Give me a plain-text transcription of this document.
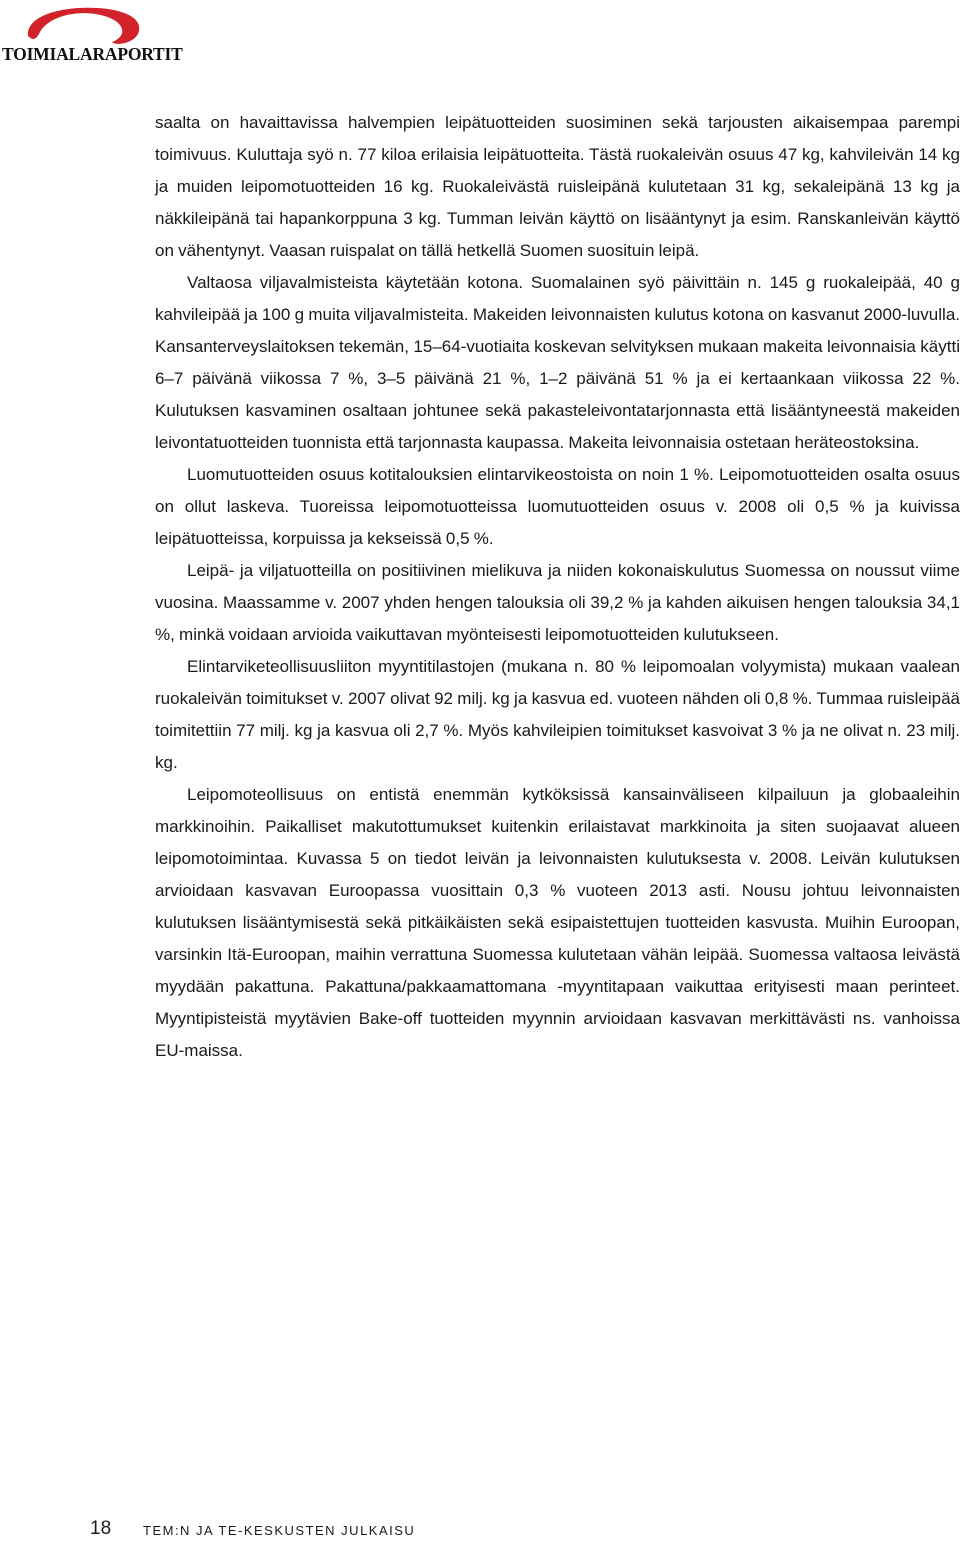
TOIMIALARAPORTIT

saalta on havaittavissa halvempien leipätuotteiden suosiminen sekä tarjousten aikaisempaa parempi toimivuus. Kuluttaja syö n. 77 kiloa erilaisia leipätuotteita. Tästä ruokaleivän osuus 47 kg, kahvileivän 14 kg ja muiden leipomotuotteiden 16 kg. Ruokaleivästä ruisleipänä kulutetaan 31 kg, sekaleipänä 13 kg ja näkkileipänä tai hapankorppuna 3 kg. Tumman leivän käyttö on lisääntynyt ja esim. Ranskanleivän käyttö on vähentynyt. Vaasan ruispalat on tällä hetkellä Suomen suosituin leipä.

Valtaosa viljavalmisteista käytetään kotona. Suomalainen syö päivittäin n. 145 g ruokaleipää, 40 g kahvileipää ja 100 g muita viljavalmisteita. Makeiden leivonnaisten kulutus kotona on kasvanut 2000-luvulla. Kansanterveyslaitoksen tekemän, 15–64-vuotiaita koskevan selvityksen mukaan makeita leivonnaisia käytti 6–7 päivänä viikossa 7 %, 3–5 päivänä 21 %, 1–2 päivänä 51 % ja ei kertaankaan viikossa 22 %. Kulutuksen kasvaminen osaltaan johtunee sekä pakasteleivontatarjonnasta että lisääntyneestä makeiden leivontatuotteiden tuonnista että tarjonnasta kaupassa. Makeita leivonnaisia ostetaan heräteostoksina.

Luomutuotteiden osuus kotitalouksien elintarvikeostoista on noin 1 %. Leipomotuotteiden osalta osuus on ollut laskeva. Tuoreissa leipomotuotteissa luomutuotteiden osuus v. 2008 oli 0,5 % ja kuivissa leipätuotteissa, korpuissa ja kekseissä 0,5 %.

Leipä- ja viljatuotteilla on positiivinen mielikuva ja niiden kokonaiskulutus Suomessa on noussut viime vuosina. Maassamme v. 2007 yhden hengen talouksia oli 39,2 % ja kahden aikuisen hengen talouksia 34,1 %, minkä voidaan arvioida vaikuttavan myönteisesti leipomotuotteiden kulutukseen.

Elintarviketeollisuusliiton myyntitilastojen (mukana n. 80 % leipomoalan volyymista) mukaan vaalean ruokaleivän toimitukset v. 2007 olivat 92 milj. kg ja kasvua ed. vuoteen nähden oli 0,8 %. Tummaa ruisleipää toimitettiin 77 milj. kg ja kasvua oli 2,7 %. Myös kahvileipien toimitukset kasvoivat 3 % ja ne olivat n. 23 milj. kg.

Leipomoteollisuus on entistä enemmän kytköksissä kansainväliseen kilpailuun ja globaaleihin markkinoihin. Paikalliset makutottumukset kuitenkin erilaistavat markkinoita ja siten suojaavat alueen leipomotoimintaa. Kuvassa 5 on tiedot leivän ja leivonnaisten kulutuksesta v. 2008. Leivän kulutuksen arvioidaan kasvavan Euroopassa vuosittain 0,3 % vuoteen 2013 asti. Nousu johtuu leivonnaisten kulutuksen lisääntymisestä sekä pitkäikäisten sekä esipaistettujen tuotteiden kasvusta. Muihin Euroopan, varsinkin Itä-Euroopan, maihin verrattuna Suomessa kulutetaan vähän leipää. Suomessa valtaosa leivästä myydään pakattuna. Pakattuna/pakkaamattomana -myyntitapaan vaikuttaa erityisesti maan perinteet. Myyntipisteistä myytävien Bake-off tuotteiden myynnin arvioidaan kasvavan merkittävästi ns. vanhoissa EU-maissa.

18 TEM:N JA TE-KESKUSTEN JULKAISU
